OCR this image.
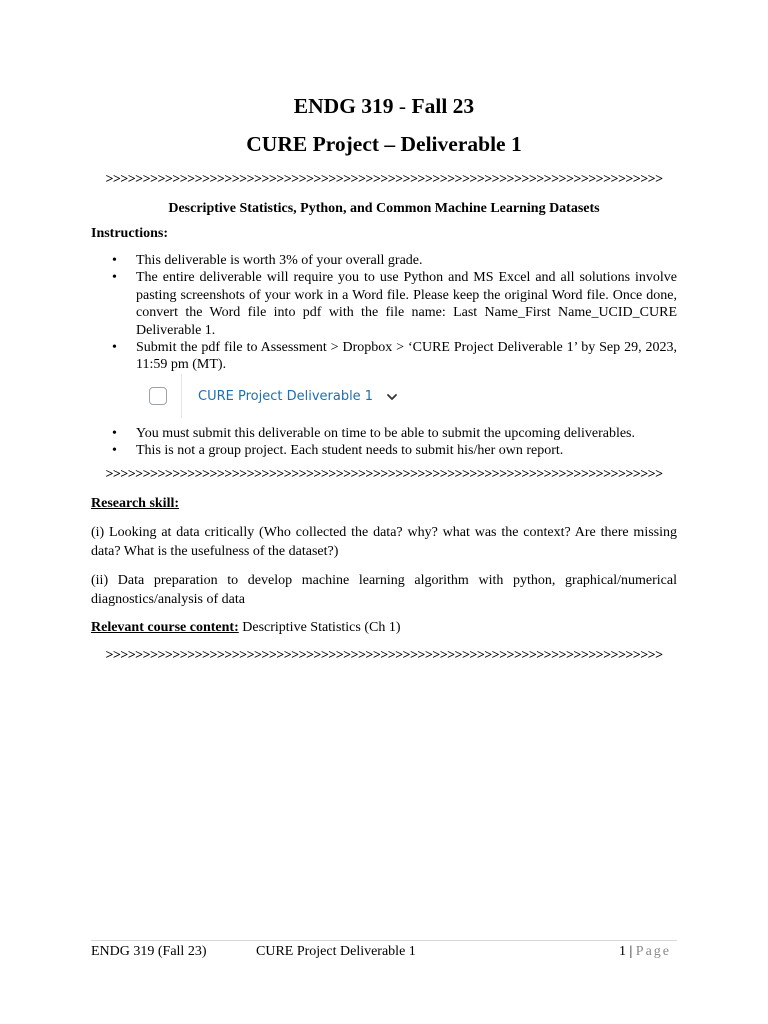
ENDG 319 - Fall 23
CURE Project – Deliverable 1
>>>>>>>>>>>>>>>>>>>>>>>>>>>>>>>>>>>>>>>>>>>>>>>>>>>>>>>>>>>>>>>>>>>>>>>>>>>
Descriptive Statistics, Python, and Common Machine Learning Datasets
Instructions:
• This deliverable is worth 3% of your overall grade.
• The entire deliverable will require you to use Python and MS Excel and all solutions involve pasting screenshots of your work in a Word file. Please keep the original Word file. Once done, convert the Word file into pdf with the file name: Last Name_First Name_UCID_CURE Deliverable 1.
• Submit the pdf file to Assessment > Dropbox > ‘CURE Project Deliverable 1’ by Sep 29, 2023, 11:59 pm (MT).
CURE Project Deliverable 1
• You must submit this deliverable on time to be able to submit the upcoming deliverables.
• This is not a group project. Each student needs to submit his/her own report.
>>>>>>>>>>>>>>>>>>>>>>>>>>>>>>>>>>>>>>>>>>>>>>>>>>>>>>>>>>>>>>>>>>>>>>>>>>>
Research skill:

(i) Looking at data critically (Who collected the data? why? what was the context? Are there missing data? What is the usefulness of the dataset?)

(ii) Data preparation to develop machine learning algorithm with python, graphical/numerical diagnostics/analysis of data

Relevant course content: Descriptive Statistics (Ch 1)
>>>>>>>>>>>>>>>>>>>>>>>>>>>>>>>>>>>>>>>>>>>>>>>>>>>>>>>>>>>>>>>>>>>>>>>>>>>
ENDG 319 (Fall 23)	CURE Project Deliverable 1	1 | Page
